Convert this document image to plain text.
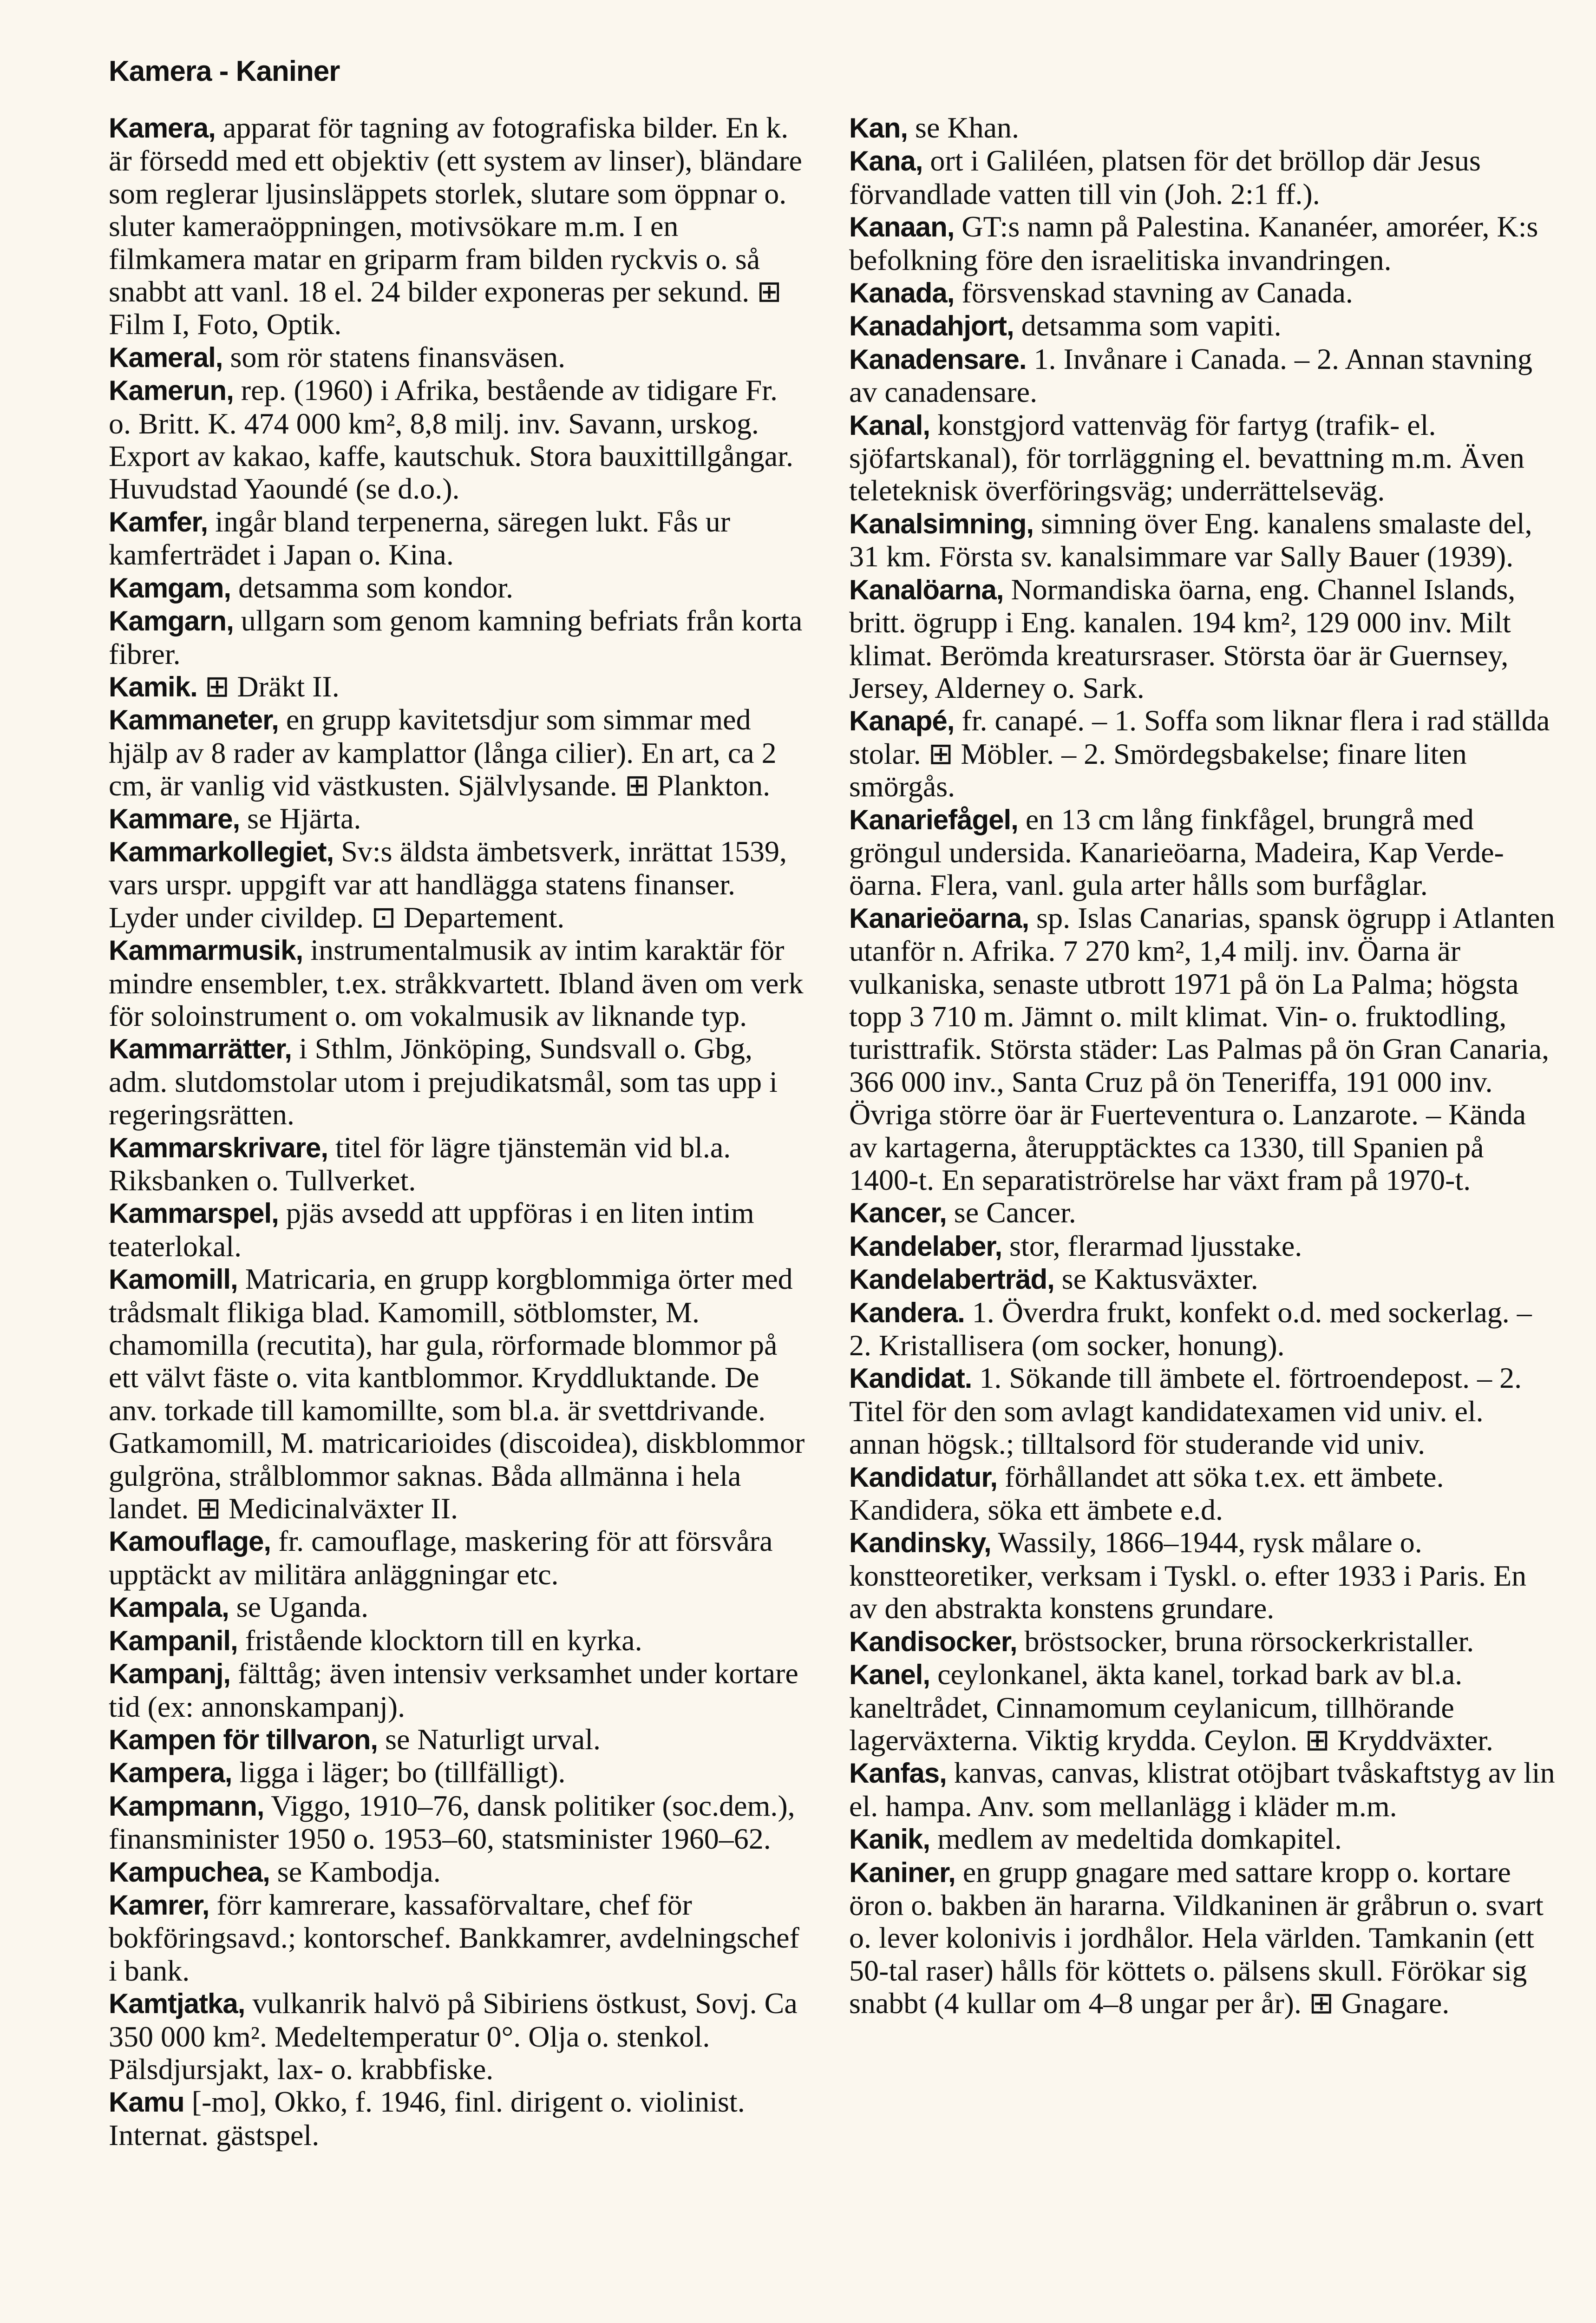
Kamera - Kaniner

Kamera, apparat för tagning av fotografiska bilder. En k. är försedd med ett objektiv (ett system av linser), bländare som reglerar ljusinsläppets storlek, slutare som öppnar o. sluter kameraöppningen, motivsökare m.m. I en filmkamera matar en griparm fram bilden ryckvis o. så snabbt att vanl. 18 el. 24 bilder exponeras per sekund. ⊞ Film I, Foto, Optik.

Kameral, som rör statens finansväsen.

Kamerun, rep. (1960) i Afrika, bestående av tidigare Fr. o. Britt. K. 474 000 km², 8,8 milj. inv. Savann, urskog. Export av kakao, kaffe, kautschuk. Stora bauxittillgångar. Huvudstad Yaoundé (se d.o.).

Kamfer, ingår bland terpenerna, säregen lukt. Fås ur kamferträdet i Japan o. Kina.

Kamgam, detsamma som kondor.

Kamgarn, ullgarn som genom kamning befriats från korta fibrer.

Kamik. ⊞ Dräkt II.

Kammaneter, en grupp kavitetsdjur som simmar med hjälp av 8 rader av kamplattor (långa cilier). En art, ca 2 cm, är vanlig vid västkusten. Självlysande. ⊞ Plankton.

Kammare, se Hjärta.

Kammarkollegiet, Sv:s äldsta ämbetsverk, inrättat 1539, vars urspr. uppgift var att handlägga statens finanser. Lyder under civildep. ⊡ Departement.

Kammarmusik, instrumentalmusik av intim karaktär för mindre ensembler, t.ex. stråkkvartett. Ibland även om verk för soloinstrument o. om vokalmusik av liknande typ.

Kammarrätter, i Sthlm, Jönköping, Sundsvall o. Gbg, adm. slutdomstolar utom i prejudikatsmål, som tas upp i regeringsrätten.

Kammarskrivare, titel för lägre tjänstemän vid bl.a. Riksbanken o. Tullverket.

Kammarspel, pjäs avsedd att uppföras i en liten intim teaterlokal.

Kamomill, Matricaria, en grupp korgblommiga örter med trådsmalt flikiga blad. Kamomill, sötblomster, M. chamomilla (recutita), har gula, rörformade blommor på ett välvt fäste o. vita kantblommor. Kryddluktande. De anv. torkade till kamomillte, som bl.a. är svettdrivande. Gatkamomill, M. matricarioides (discoidea), diskblommor gulgröna, strålblommor saknas. Båda allmänna i hela landet. ⊞ Medicinalväxter II.

Kamouflage, fr. camouflage, maskering för att försvåra upptäckt av militära anläggningar etc.

Kampala, se Uganda.

Kampanil, fristående klocktorn till en kyrka.

Kampanj, fälttåg; även intensiv verksamhet under kortare tid (ex: annonskampanj).

Kampen för tillvaron, se Naturligt urval.

Kampera, ligga i läger; bo (tillfälligt).

Kampmann, Viggo, 1910–76, dansk politiker (soc.dem.), finansminister 1950 o. 1953–60, statsminister 1960–62.

Kampuchea, se Kambodja.

Kamrer, förr kamrerare, kassaförvaltare, chef för bokföringsavd.; kontorschef. Bankkamrer, avdelningschef i bank.

Kamtjatka, vulkanrik halvö på Sibiriens östkust, Sovj. Ca 350 000 km². Medeltemperatur 0°. Olja o. stenkol. Pälsdjursjakt, lax- o. krabbfiske.

Kamu [-mo], Okko, f. 1946, finl. dirigent o. violinist. Internat. gästspel.

Kan, se Khan.

Kana, ort i Galiléen, platsen för det bröllop där Jesus förvandlade vatten till vin (Joh. 2:1 ff.).

Kanaan, GT:s namn på Palestina. Kananéer, amoréer, K:s befolkning före den israelitiska invandringen.

Kanada, försvenskad stavning av Canada.

Kanadahjort, detsamma som vapiti.

Kanadensare. 1. Invånare i Canada. – 2. Annan stavning av canadensare.

Kanal, konstgjord vattenväg för fartyg (trafik- el. sjöfartskanal), för torrläggning el. bevattning m.m. Även teleteknisk överföringsväg; underrättelseväg.

Kanalsimning, simning över Eng. kanalens smalaste del, 31 km. Första sv. kanalsimmare var Sally Bauer (1939).

Kanalöarna, Normandiska öarna, eng. Channel Islands, britt. ögrupp i Eng. kanalen. 194 km², 129 000 inv. Milt klimat. Berömda kreatursraser. Största öar är Guernsey, Jersey, Alderney o. Sark.

Kanapé, fr. canapé. – 1. Soffa som liknar flera i rad ställda stolar. ⊞ Möbler. – 2. Smördegsbakelse; finare liten smörgås.

Kanariefågel, en 13 cm lång finkfågel, brungrå med gröngul undersida. Kanarieöarna, Madeira, Kap Verde-öarna. Flera, vanl. gula arter hålls som burfåglar.

Kanarieöarna, sp. Islas Canarias, spansk ögrupp i Atlanten utanför n. Afrika. 7 270 km², 1,4 milj. inv. Öarna är vulkaniska, senaste utbrott 1971 på ön La Palma; högsta topp 3 710 m. Jämnt o. milt klimat. Vin- o. fruktodling, turisttrafik. Största städer: Las Palmas på ön Gran Canaria, 366 000 inv., Santa Cruz på ön Teneriffa, 191 000 inv. Övriga större öar är Fuerteventura o. Lanzarote. – Kända av kartagerna, återupptäcktes ca 1330, till Spanien på 1400-t. En separatiströrelse har växt fram på 1970-t.

Kancer, se Cancer.

Kandelaber, stor, flerarmad ljusstake.

Kandelaberträd, se Kaktusväxter.

Kandera. 1. Överdra frukt, konfekt o.d. med sockerlag. – 2. Kristallisera (om socker, honung).

Kandidat. 1. Sökande till ämbete el. förtroendepost. – 2. Titel för den som avlagt kandidatexamen vid univ. el. annan högsk.; tilltalsord för studerande vid univ.

Kandidatur, förhållandet att söka t.ex. ett ämbete. Kandidera, söka ett ämbete e.d.

Kandinsky, Wassily, 1866–1944, rysk målare o. konstteoretiker, verksam i Tyskl. o. efter 1933 i Paris. En av den abstrakta konstens grundare.

Kandisocker, bröstsocker, bruna rörsockerkristaller.

Kanel, ceylonkanel, äkta kanel, torkad bark av bl.a. kaneltrådet, Cinnamomum ceylanicum, tillhörande lagerväxterna. Viktig krydda. Ceylon. ⊞ Kryddväxter.

Kanfas, kanvas, canvas, klistrat otöjbart tvåskaftstyg av lin el. hampa. Anv. som mellanlägg i kläder m.m.

Kanik, medlem av medeltida domkapitel.

Kaniner, en grupp gnagare med sattare kropp o. kortare öron o. bakben än hararna. Vildkaninen är gråbrun o. svart o. lever kolonivis i jordhålor. Hela världen. Tamkanin (ett 50-tal raser) hålls för köttets o. pälsens skull. Förökar sig snabbt (4 kullar om 4–8 ungar per år). ⊞ Gnagare.
